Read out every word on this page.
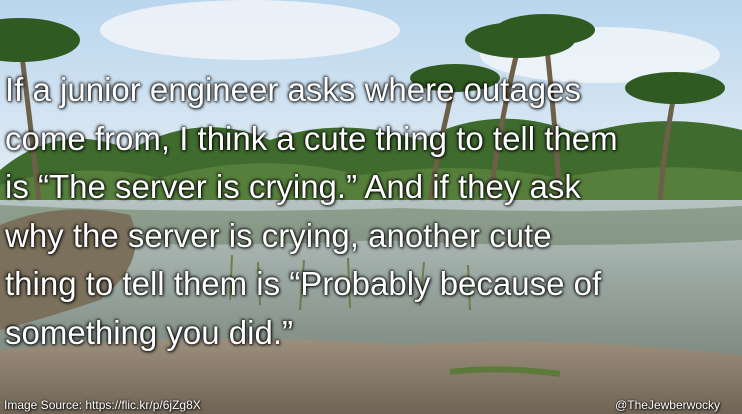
If a junior engineer asks where outages
come from, I think a cute thing to tell them
is “The server is crying.” And if they ask
why the server is crying, another cute
thing to tell them is “Probably because of
something you did.”

Image Source: https://flic.kr/p/6jZg8X	@TheJewberwocky
